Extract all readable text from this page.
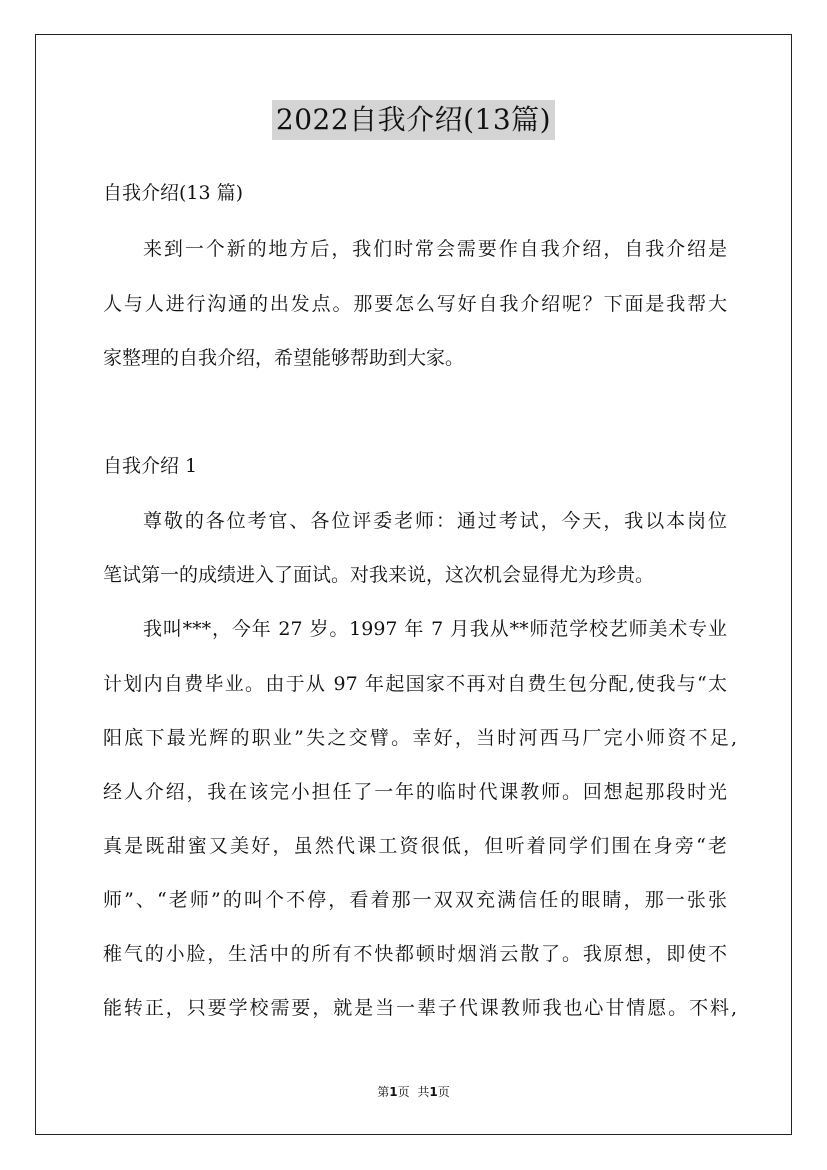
2022自我介绍(13篇)
自我介绍(13 篇)
来到一个新的地方后，我们时常会需要作自我介绍，自我介绍是
人与人进行沟通的出发点。那要怎么写好自我介绍呢？下面是我帮大
家整理的自我介绍，希望能够帮助到大家。
自我介绍 1
尊敬的各位考官、各位评委老师：通过考试，今天，我以本岗位
笔试第一的成绩进入了面试。对我来说，这次机会显得尤为珍贵。
我叫***，今年 27 岁。1997 年 7 月我从**师范学校艺师美术专业
计划内自费毕业。由于从 97 年起国家不再对自费生包分配,使我与“太
阳底下最光辉的职业”失之交臂。幸好，当时河西马厂完小师资不足,
经人介绍，我在该完小担任了一年的临时代课教师。回想起那段时光
真是既甜蜜又美好，虽然代课工资很低，但听着同学们围在身旁“老
师”、“老师”的叫个不停，看着那一双双充满信任的眼睛，那一张张
稚气的小脸，生活中的所有不快都顿时烟消云散了。我原想，即使不
能转正，只要学校需要，就是当一辈子代课教师我也心甘情愿。不料,
第1页 共1页
